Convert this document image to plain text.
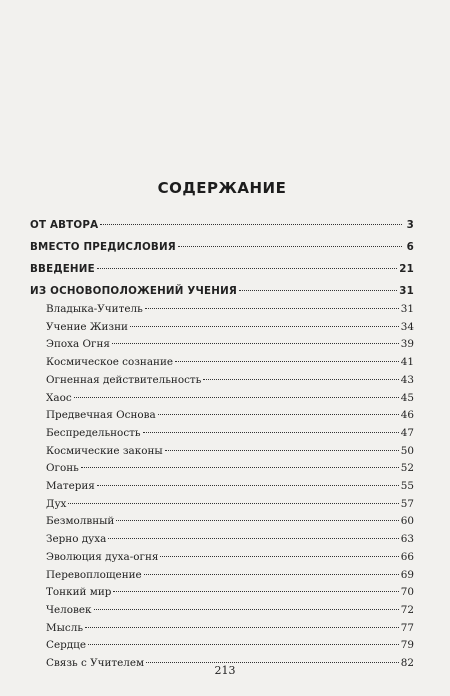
СОДЕРЖАНИЕ
ОТ АВТОРА	3
ВМЕСТО ПРЕДИСЛОВИЯ	6
ВВЕДЕНИЕ	21
ИЗ ОСНОВОПОЛОЖЕНИЙ УЧЕНИЯ	31
Владыка-Учитель	31
Учение Жизни	34
Эпоха Огня	39
Космическое сознание	41
Огненная действительность	43
Хаос	45
Предвечная Основа	46
Беспредельность	47
Космические законы	50
Огонь	52
Материя	55
Дух	57
Безмолвный	60
Зерно духа	63
Эволюция духа-огня	66
Перевоплощение	69
Тонкий мир	70
Человек	72
Мысль	77
Сердце	79
Связь с Учителем	82
213
